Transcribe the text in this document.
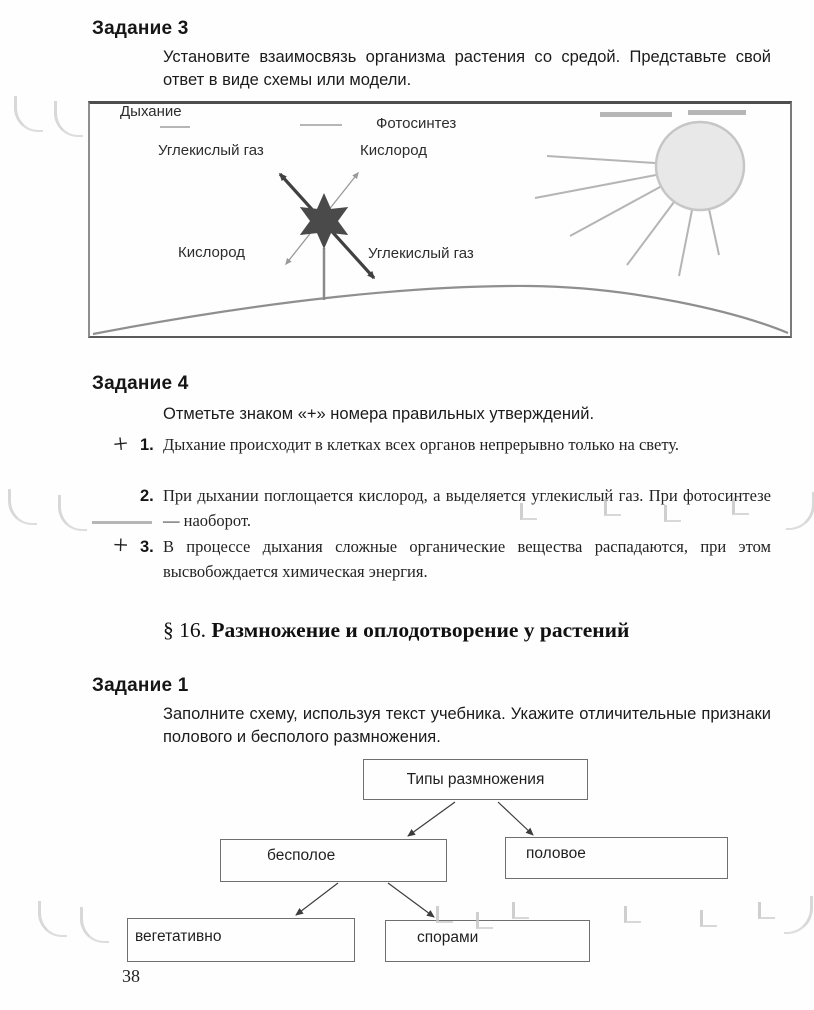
Задание 3
Установите взаимосвязь организма растения со средой. Представьте свой ответ в виде схемы или модели.
Дыхание
Фотосинтез
Углекислый газ	Кислород
Кислород	Углекислый газ
Задание 4
Отметьте знаком «+» номера правильных утверждений.
+ 1. Дыхание происходит в клетках всех органов непрерывно только на свету.
2. При дыхании поглощается кислород, а выделяется углекислый газ. При фотосинтезе — наоборот.
+ 3. В процессе дыхания сложные органические вещества распадаются, при этом высвобождается химическая энергия.
§ 16. Размножение и оплодотворение у растений
Задание 1
Заполните схему, используя текст учебника. Укажите отличительные признаки полового и бесполого размножения.
Типы размножения
бесполое	половое
вегетативно	спорами
38
